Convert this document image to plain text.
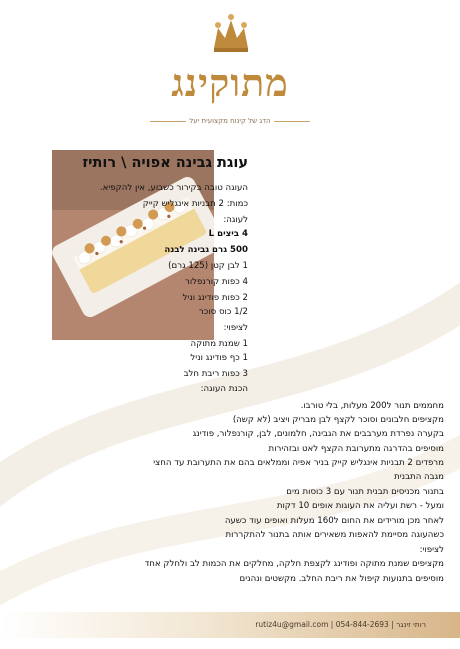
מתוקינג
הדג של קינוח מקצועית יעל
עוגת גבינה אפויה \ רותיז
העוגה טובה בקירור כשבוע, אין להקפיא.
כמות: 2 תבניות אינגליש קייק
לעוגה:
4 ביצים L
500 גרם גבינה לבנה
1 לבן קטן (125 גרם)
4 כפות קורנפלור
2 כפות פודינג וניל
1/2 כוס סוכר
לציפוי:
1 שמנת מתוקה
1 כף פודינג וניל
3 כפות ריבת חלב
הכנת העוגה:
מחממים תנור ל200 מעלות, בלי טורבו.
מקציפים חלבונים וסוכר לקצף לבן מבריק ויציב (לא קשה)
בקערה נפרדת מערבבים את הגבינה, חלמונים, לבן, קורנפלור, פודינג
מוסיפים בהדרגה מתערובת הקצף לאט ובזהירות
מרפדים 2 תבניות אינגליש קייק בניר אפיה וממלאים בהם את התערובת עד החצי
מגבה התבנית
בתנור מכניסים תבנית תנור עם 3 כוסות מים
ומעל - רשת ועליה את העוגות אופים 10 דקות
לאחר מכן מורידים את החום ל160 מעלות ואופים עוד כשעה
כשהעוגה מסיימת להאפות משאירים אותה בתנור להתקררות
לציפוי:
מקציפים שמנת מתוקה ופודינג לקצפת חלקה, מחלקים את הכמות לב ולחלק אחד
מוסיפים בתנועות קיפול את ריבת החלב. מקשטים ונהנים
rutiz4u@gmail.com | 054-844-2693 | רותי זינגר
